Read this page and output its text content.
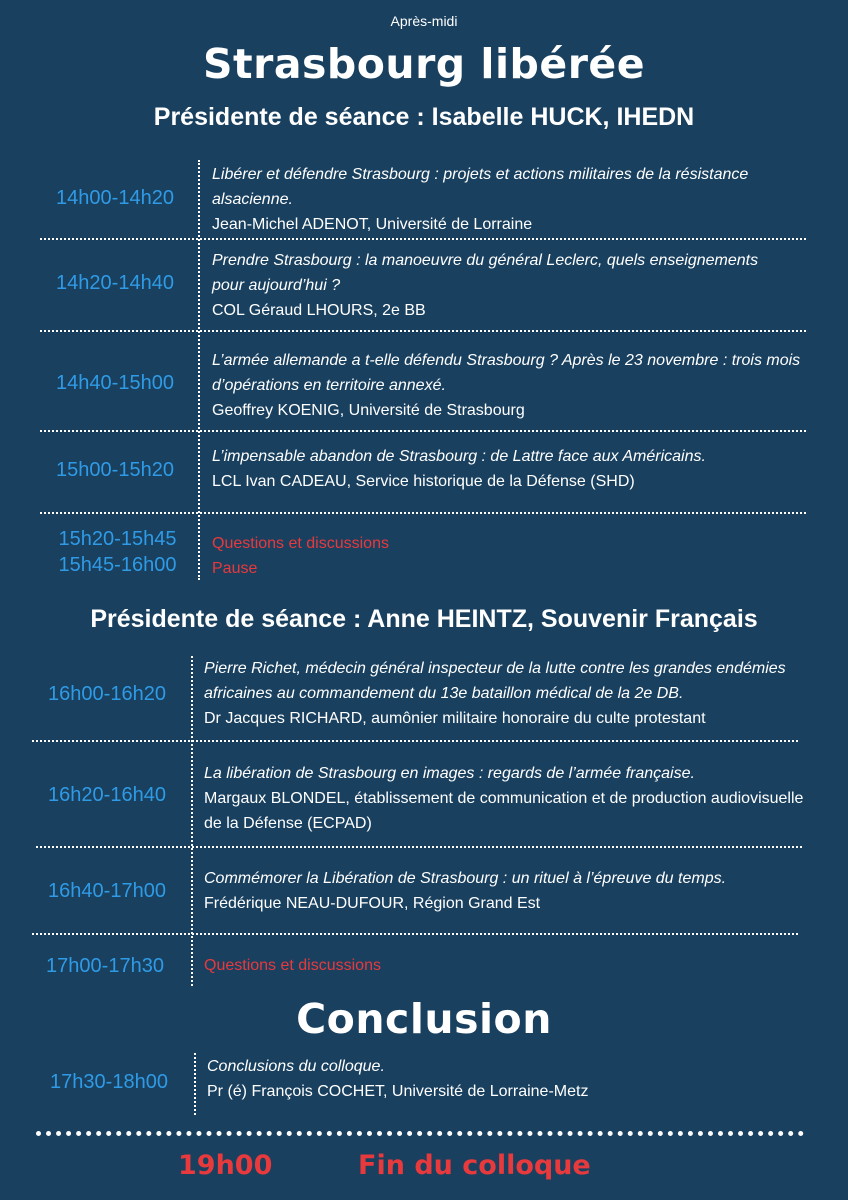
Après-midi
Strasbourg libérée
Présidente de séance : Isabelle HUCK, IHEDN
14h00-14h20
Libérer et défendre Strasbourg : projets et actions militaires de la résistance alsacienne.
Jean-Michel ADENOT, Université de Lorraine
14h20-14h40
Prendre Strasbourg : la manoeuvre du général Leclerc, quels enseignements pour aujourd’hui ?
COL Géraud LHOURS, 2e BB
14h40-15h00
L’armée allemande a t-elle défendu Strasbourg ? Après le 23 novembre : trois mois d’opérations en territoire annexé.
Geoffrey KOENIG, Université de Strasbourg
15h00-15h20
L’impensable abandon de Strasbourg : de Lattre face aux Américains.
LCL Ivan CADEAU, Service historique de la Défense (SHD)
15h20-15h45
15h45-16h00
Questions et discussions
Pause
Présidente de séance : Anne HEINTZ, Souvenir Français
16h00-16h20
Pierre Richet, médecin général inspecteur de la lutte contre les grandes endémies africaines au commandement du 13e bataillon médical de la 2e DB.
Dr Jacques RICHARD, aumônier militaire honoraire du culte protestant
16h20-16h40
La libération de Strasbourg en images : regards de l’armée française.
Margaux BLONDEL, établissement de communication et de production audiovisuelle de la Défense (ECPAD)
16h40-17h00
Commémorer la Libération de Strasbourg : un rituel à l’épreuve du temps.
Frédérique NEAU-DUFOUR, Région Grand Est
17h00-17h30	Questions et discussions
Conclusion
17h30-18h00
Conclusions du colloque.
Pr (é) François COCHET, Université de Lorraine-Metz
19h00	Fin du colloque
